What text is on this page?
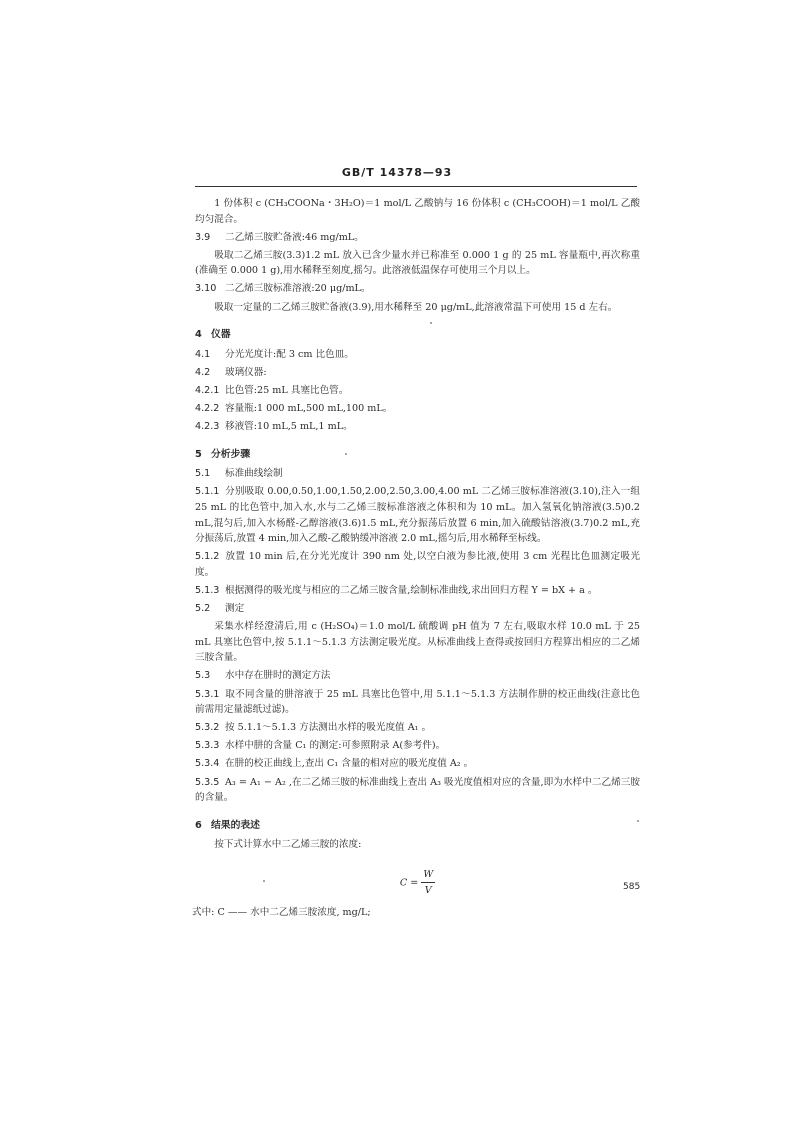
GB/T 14378—93

1 份体积 c (CH₃COONa・3H₂O)＝1 mol/L 乙酸钠与 16 份体积 c (CH₃COOH)＝1 mol/L 乙酸均匀混合。

3.9 二乙烯三胺贮备液:46 mg/mL。

吸取二乙烯三胺(3.3)1.2 mL 放入已含少量水并已称准至 0.000 1 g 的 25 mL 容量瓶中,再次称重(准确至 0.000 1 g),用水稀释至刻度,摇匀。此溶液低温保存可使用三个月以上。

3.10 二乙烯三胺标准溶液:20 μg/mL。

吸取一定量的二乙烯三胺贮备液(3.9),用水稀释至 20 μg/mL,此溶液常温下可使用 15 d 左右。

4 仪器

4.1 分光光度计:配 3 cm 比色皿。

4.2 玻璃仪器:

4.2.1 比色管:25 mL 具塞比色管。

4.2.2 容量瓶:1 000 mL,500 mL,100 mL。

4.2.3 移液管:10 mL,5 mL,1 mL。

5 分析步骤

5.1 标准曲线绘制

5.1.1 分别吸取 0.00,0.50,1.00,1.50,2.00,2.50,3.00,4.00 mL 二乙烯三胺标准溶液(3.10),注入一组 25 mL 的比色管中,加入水,水与二乙烯三胺标准溶液之体积和为 10 mL。加入氢氧化钠溶液(3.5)0.2 mL,混匀后,加入水杨醛-乙醇溶液(3.6)1.5 mL,充分振荡后放置 6 min,加入硫酸钴溶液(3.7)0.2 mL,充分振荡后,放置 4 min,加入乙酸-乙酸钠缓冲溶液 2.0 mL,摇匀后,用水稀释至标线。

5.1.2 放置 10 min 后,在分光光度计 390 nm 处,以空白液为参比液,使用 3 cm 光程比色皿测定吸光度。

5.1.3 根据测得的吸光度与相应的二乙烯三胺含量,绘制标准曲线,求出回归方程 Y = bX + a 。

5.2 测定

采集水样经澄清后,用 c (H₂SO₄)＝1.0 mol/L 硫酸调 pH 值为 7 左右,吸取水样 10.0 mL 于 25 mL 具塞比色管中,按 5.1.1～5.1.3 方法测定吸光度。从标准曲线上查得或按回归方程算出相应的二乙烯三胺含量。

5.3 水中存在肼时的测定方法

5.3.1 取不同含量的肼溶液于 25 mL 具塞比色管中,用 5.1.1～5.1.3 方法制作肼的校正曲线(注意比色前需用定量滤纸过滤)。

5.3.2 按 5.1.1～5.1.3 方法测出水样的吸光度值 A₁ 。

5.3.3 水样中肼的含量 C₁ 的测定:可参照附录 A(参考件)。

5.3.4 在肼的校正曲线上,查出 C₁ 含量的相对应的吸光度值 A₂ 。

5.3.5 A₃ = A₁ − A₂ ,在二乙烯三胺的标准曲线上查出 A₃ 吸光度值相对应的含量,即为水样中二乙烯三胺的含量。

6 结果的表述

按下式计算水中二乙烯三胺的浓度:

$C = \frac{W}{V}$

式中: C —— 水中二乙烯三胺浓度, mg/L;

585
